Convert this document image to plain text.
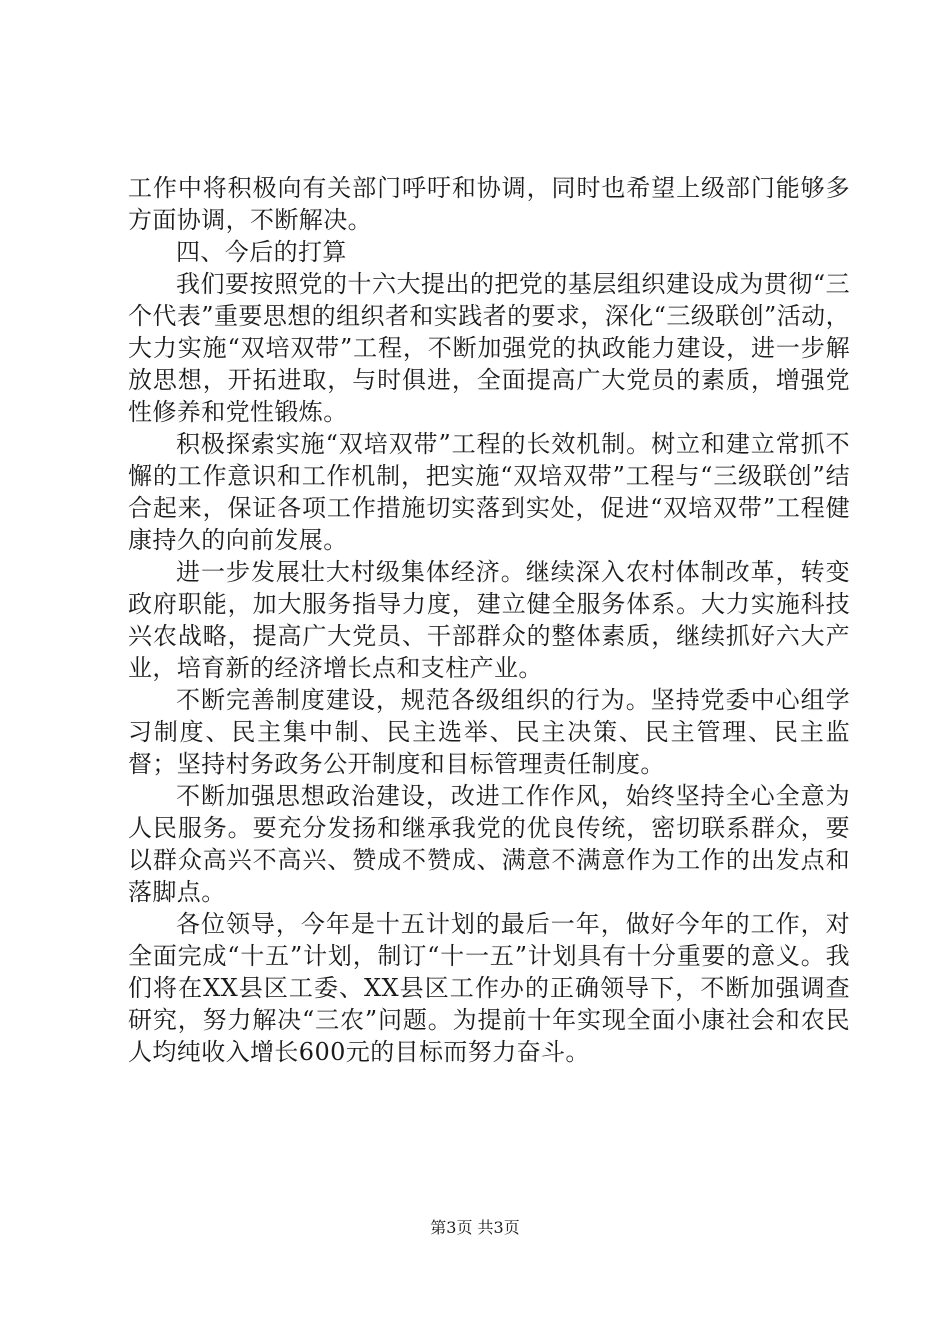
工作中将积极向有关部门呼吁和协调，同时也希望上级部门能够多方面协调，不断解决。

四、今后的打算

我们要按照党的十六大提出的把党的基层组织建设成为贯彻“三个代表”重要思想的组织者和实践者的要求，深化“三级联创”活动，大力实施“双培双带”工程，不断加强党的执政能力建设，进一步解放思想，开拓进取，与时俱进，全面提高广大党员的素质，增强党性修养和党性锻炼。

积极探索实施“双培双带”工程的长效机制。树立和建立常抓不懈的工作意识和工作机制，把实施“双培双带”工程与“三级联创”结合起来，保证各项工作措施切实落到实处，促进“双培双带”工程健康持久的向前发展。

进一步发展壮大村级集体经济。继续深入农村体制改革，转变政府职能，加大服务指导力度，建立健全服务体系。大力实施科技兴农战略，提高广大党员、干部群众的整体素质，继续抓好六大产业，培育新的经济增长点和支柱产业。

不断完善制度建设，规范各级组织的行为。坚持党委中心组学习制度、民主集中制、民主选举、民主决策、民主管理、民主监督；坚持村务政务公开制度和目标管理责任制度。

不断加强思想政治建设，改进工作作风，始终坚持全心全意为人民服务。要充分发扬和继承我党的优良传统，密切联系群众，要以群众高兴不高兴、赞成不赞成、满意不满意作为工作的出发点和落脚点。

各位领导，今年是十五计划的最后一年，做好今年的工作，对全面完成“十五”计划，制订“十一五”计划具有十分重要的意义。我们将在XX县区工委、XX县区工作办的正确领导下，不断加强调查研究，努力解决“三农”问题。为提前十年实现全面小康社会和农民人均纯收入增长600元的目标而努力奋斗。

第3页 共3页
